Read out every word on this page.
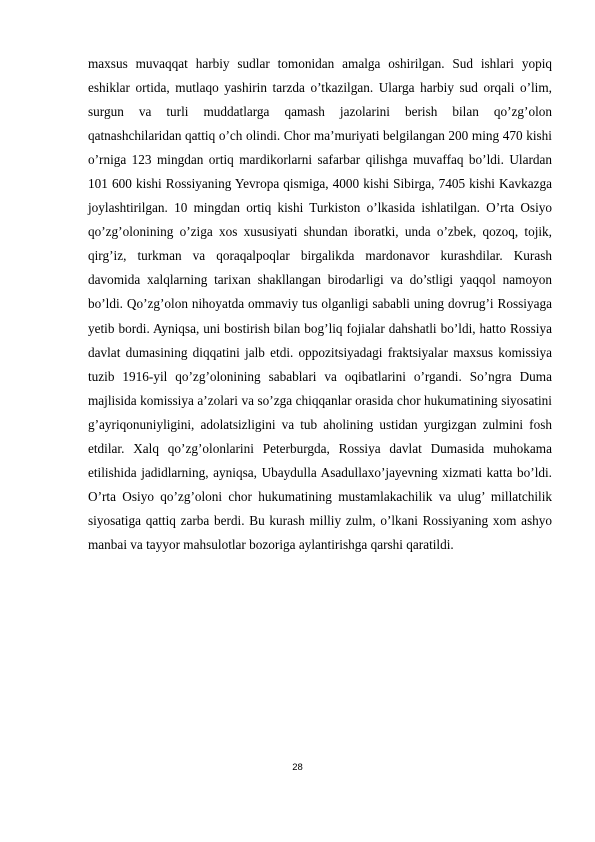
maxsus muvaqqat harbiy sudlar tomonidan amalga oshirilgan. Sud ishlari yopiq eshiklar ortida, mutlaqo yashirin tarzda o’tkazilgan. Ularga harbiy sud orqali o’lim, surgun va turli muddatlarga qamash jazolarini berish bilan qo’zg’olon qatnashchilaridan qattiq o’ch olindi. Chor ma’muriyati belgilangan 200 ming 470 kishi o’rniga 123 mingdan ortiq mardikorlarni safarbar qilishga muvaffaq bo’ldi. Ulardan 101 600 kishi Rossiyaning Yevropa qismiga, 4000 kishi Sibirga, 7405 kishi Kavkazga joylashtirilgan. 10 mingdan ortiq kishi Turkiston o’lkasida ishlatilgan. O’rta Osiyo qo’zg’olonining o’ziga xos xususiyati shundan iboratki, unda o’zbek, qozoq, tojik, qirg’iz, turkman va qoraqalpoqlar birgalikda mardonavor kurashdilar. Kurash davomida xalqlarning tarixan shakllangan birodarligi va do’stligi yaqqol namoyon bo’ldi. Qo’zg’olon nihoyatda ommaviy tus olganligi sababli uning dovrug’i Rossiyaga yetib bordi. Ayniqsa, uni bostirish bilan bog’liq fojialar dahshatli bo’ldi, hatto Rossiya davlat dumasining diqqatini jalb etdi. oppozitsiyadagi fraktsiyalar maxsus komissiya tuzib 1916-yil qo’zg’olonining sabablari va oqibatlarini o’rgandi. So’ngra Duma majlisida komissiya a’zolari va so’zga chiqqanlar orasida chor hukumatining siyosatini g’ayriqonuniyligini, adolatsizligini va tub aholining ustidan yurgizgan zulmini fosh etdilar. Xalq qo’zg’olonlarini Peterburgda, Rossiya davlat Dumasida muhokama etilishida jadidlarning, ayniqsa, Ubaydulla Asadullaxo’jayevning xizmati katta bo’ldi. O’rta Osiyo qo’zg’oloni chor hukumatining mustamlakachilik va ulug’ millatchilik siyosatiga qattiq zarba berdi. Bu kurash milliy zulm, o’lkani Rossiyaning xom ashyo manbai va tayyor mahsulotlar bozoriga aylantirishga qarshi qaratildi.

28
